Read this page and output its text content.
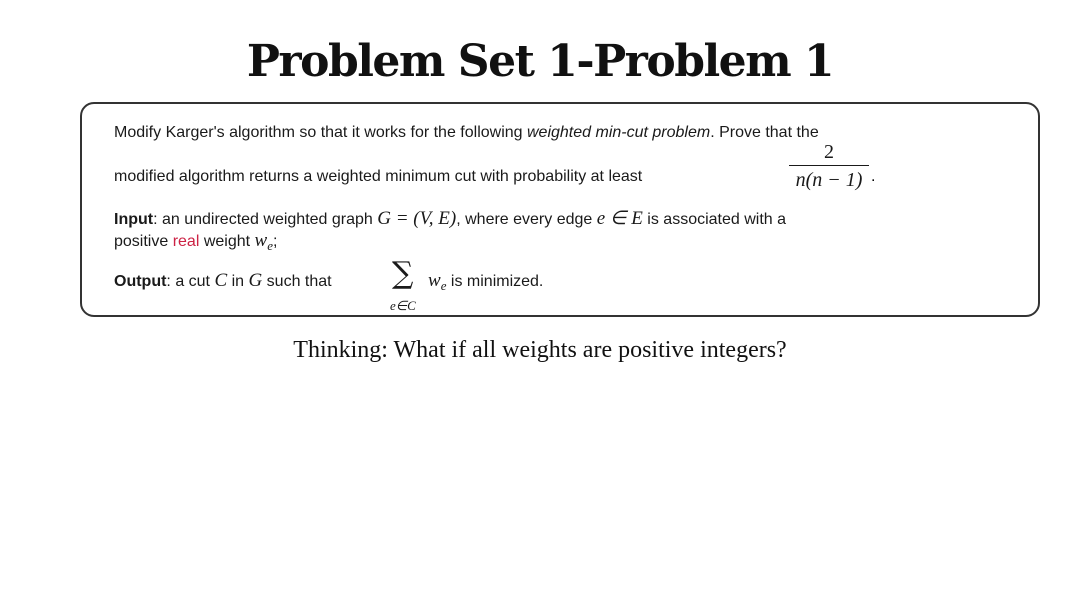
Problem Set 1-Problem 1
Modify Karger's algorithm so that it works for the following weighted min-cut problem. Prove that the
modified algorithm returns a weighted minimum cut with probability at least
2
n(n − 1) .
Input: an undirected weighted graph G = (V, E), where every edge e ∈ E is associated with a
positive real weight $w_e$;
Output: a cut C in G such that ∑
e∈C
$w_e$ is minimized.
Thinking: What if all weights are positive integers?
